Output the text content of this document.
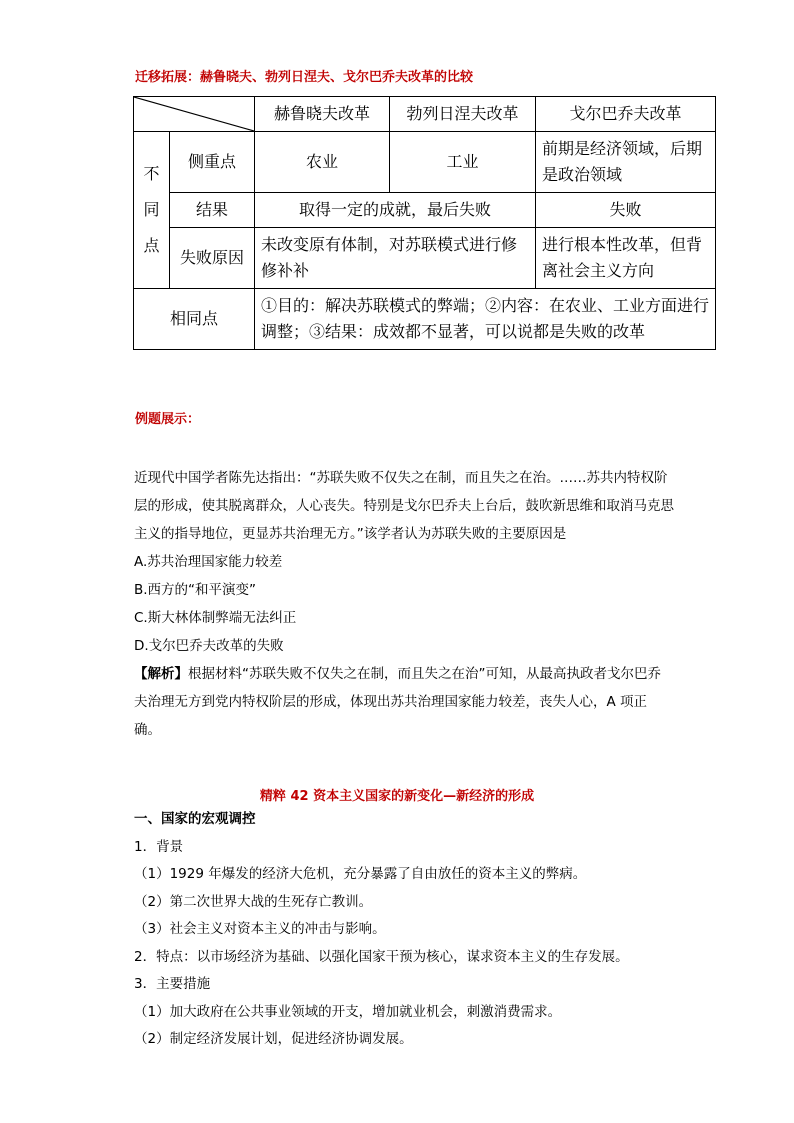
迁移拓展：赫鲁晓夫、勃列日涅夫、戈尔巴乔夫改革的比较
	赫鲁晓夫改革	勃列日涅夫改革	戈尔巴乔夫改革

不
同
点	侧重点	农业	工业	前期是经济领域，后期是政治领域
	结果	取得一定的成就，最后失败		失败
	失败原因	未改变原有体制，对苏联模式进行修修补补		进行根本性改革，但背离社会主义方向
相同点		①目的：解决苏联模式的弊端；②内容：在农业、工业方面进行调整；③结果：成效都不显著，可以说都是失败的改革		
例题展示：

近现代中国学者陈先达指出：“苏联失败不仅失之在制，而且失之在治。……苏共内特权阶层的形成，使其脱离群众，人心丧失。特别是戈尔巴乔夫上台后，鼓吹新思维和取消马克思主义的指导地位，更显苏共治理无方。”该学者认为苏联失败的主要原因是

A.苏共治理国家能力较差

B.西方的“和平演变”

C.斯大林体制弊端无法纠正

D.戈尔巴乔夫改革的失败

【解析】根据材料“苏联失败不仅失之在制，而且失之在治”可知，从最高执政者戈尔巴乔夫治理无方到党内特权阶层的形成，体现出苏共治理国家能力较差，丧失人心，A 项正确。

精粹 42 资本主义国家的新变化—新经济的形成
一、国家的宏观调控
1．背景
（1）1929 年爆发的经济大危机，充分暴露了自由放任的资本主义的弊病。
（2）第二次世界大战的生死存亡教训。
（3）社会主义对资本主义的冲击与影响。
2．特点：以市场经济为基础、以强化国家干预为核心，谋求资本主义的生存发展。
3．主要措施
（1）加大政府在公共事业领域的开支，增加就业机会，刺激消费需求。
（2）制定经济发展计划，促进经济协调发展。
